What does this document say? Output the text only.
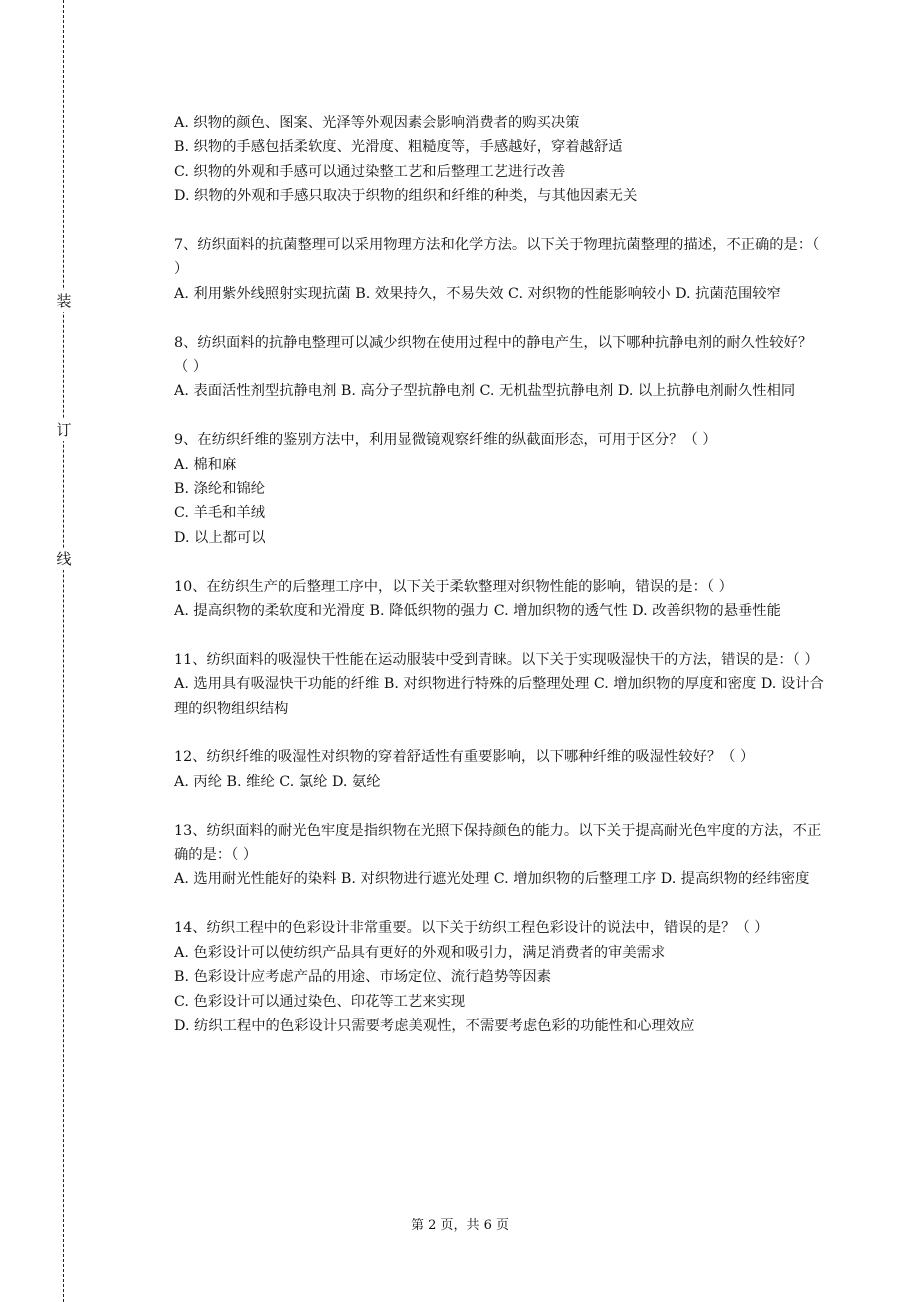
装
订
线
A. 织物的颜色、图案、光泽等外观因素会影响消费者的购买决策
B. 织物的手感包括柔软度、光滑度、粗糙度等，手感越好，穿着越舒适
C. 织物的外观和手感可以通过染整工艺和后整理工艺进行改善
D. 织物的外观和手感只取决于织物的组织和纤维的种类，与其他因素无关
7、纺织面料的抗菌整理可以采用物理方法和化学方法。以下关于物理抗菌整理的描述，不正确的是：（ ）
A. 利用紫外线照射实现抗菌 B. 效果持久，不易失效 C. 对织物的性能影响较小 D. 抗菌范围较窄
8、纺织面料的抗静电整理可以减少织物在使用过程中的静电产生，以下哪种抗静电剂的耐久性较好？（ ）
A. 表面活性剂型抗静电剂 B. 高分子型抗静电剂 C. 无机盐型抗静电剂 D. 以上抗静电剂耐久性相同
9、在纺织纤维的鉴别方法中，利用显微镜观察纤维的纵截面形态，可用于区分？（ ）
A. 棉和麻
B. 涤纶和锦纶
C. 羊毛和羊绒
D. 以上都可以
10、在纺织生产的后整理工序中，以下关于柔软整理对织物性能的影响，错误的是：（ ）
A. 提高织物的柔软度和光滑度 B. 降低织物的强力 C. 增加织物的透气性 D. 改善织物的悬垂性能
11、纺织面料的吸湿快干性能在运动服装中受到青睐。以下关于实现吸湿快干的方法，错误的是：（ ）
A. 选用具有吸湿快干功能的纤维 B. 对织物进行特殊的后整理处理 C. 增加织物的厚度和密度 D. 设计合理的织物组织结构
12、纺织纤维的吸湿性对织物的穿着舒适性有重要影响，以下哪种纤维的吸湿性较好？（ ）
A. 丙纶 B. 维纶 C. 氯纶 D. 氨纶
13、纺织面料的耐光色牢度是指织物在光照下保持颜色的能力。以下关于提高耐光色牢度的方法，不正确的是：（ ）
A. 选用耐光性能好的染料 B. 对织物进行遮光处理 C. 增加织物的后整理工序 D. 提高织物的经纬密度
14、纺织工程中的色彩设计非常重要。以下关于纺织工程色彩设计的说法中，错误的是？（ ）
A. 色彩设计可以使纺织产品具有更好的外观和吸引力，满足消费者的审美需求
B. 色彩设计应考虑产品的用途、市场定位、流行趋势等因素
C. 色彩设计可以通过染色、印花等工艺来实现
D. 纺织工程中的色彩设计只需要考虑美观性，不需要考虑色彩的功能性和心理效应
第 2 页，共 6 页
